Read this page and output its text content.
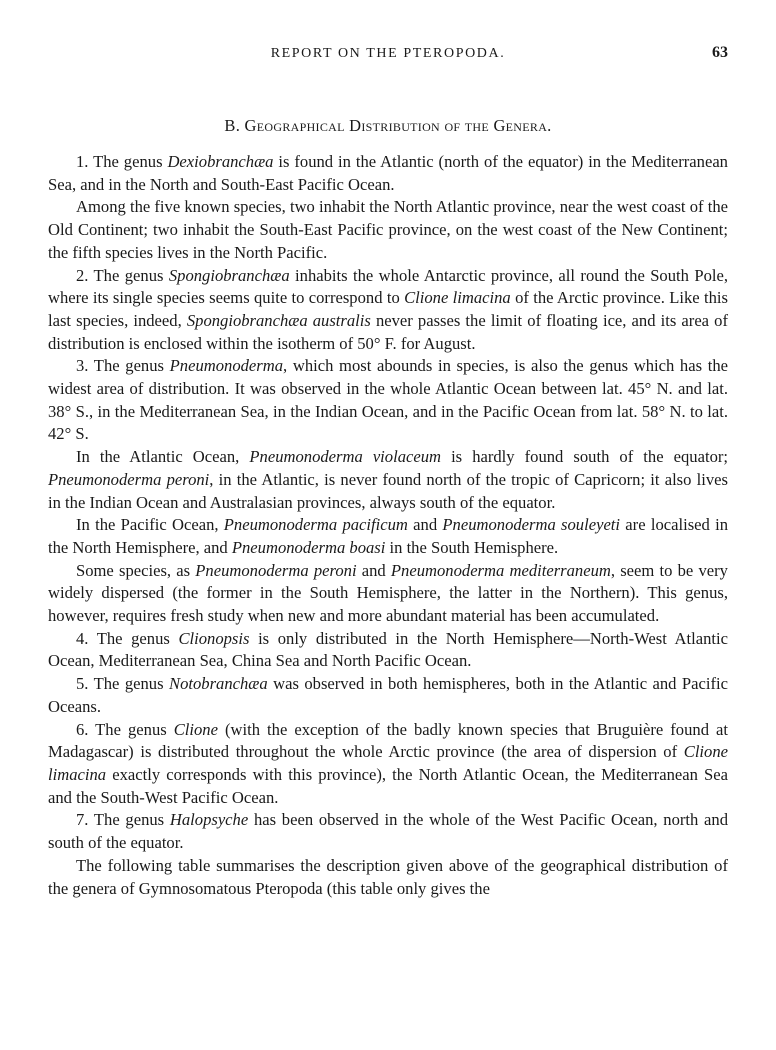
REPORT ON THE PTEROPODA.	63
B. Geographical Distribution of the Genera.

1. The genus Dexiobranchæa is found in the Atlantic (north of the equator) in the Mediterranean Sea, and in the North and South-East Pacific Ocean.

Among the five known species, two inhabit the North Atlantic province, near the west coast of the Old Continent; two inhabit the South-East Pacific province, on the west coast of the New Continent; the fifth species lives in the North Pacific.

2. The genus Spongiobranchæa inhabits the whole Antarctic province, all round the South Pole, where its single species seems quite to correspond to Clione limacina of the Arctic province. Like this last species, indeed, Spongiobranchæa australis never passes the limit of floating ice, and its area of distribution is enclosed within the isotherm of 50° F. for August.

3. The genus Pneumonoderma, which most abounds in species, is also the genus which has the widest area of distribution. It was observed in the whole Atlantic Ocean between lat. 45° N. and lat. 38° S., in the Mediterranean Sea, in the Indian Ocean, and in the Pacific Ocean from lat. 58° N. to lat. 42° S.

In the Atlantic Ocean, Pneumonoderma violaceum is hardly found south of the equator; Pneumonoderma peroni, in the Atlantic, is never found north of the tropic of Capricorn; it also lives in the Indian Ocean and Australasian provinces, always south of the equator.

In the Pacific Ocean, Pneumonoderma pacificum and Pneumonoderma souleyeti are localised in the North Hemisphere, and Pneumonoderma boasi in the South Hemisphere.

Some species, as Pneumonoderma peroni and Pneumonoderma mediterraneum, seem to be very widely dispersed (the former in the South Hemisphere, the latter in the Northern). This genus, however, requires fresh study when new and more abundant material has been accumulated.

4. The genus Clionopsis is only distributed in the North Hemisphere—North-West Atlantic Ocean, Mediterranean Sea, China Sea and North Pacific Ocean.

5. The genus Notobranchæa was observed in both hemispheres, both in the Atlantic and Pacific Oceans.

6. The genus Clione (with the exception of the badly known species that Bruguière found at Madagascar) is distributed throughout the whole Arctic province (the area of dispersion of Clione limacina exactly corresponds with this province), the North Atlantic Ocean, the Mediterranean Sea and the South-West Pacific Ocean.

7. The genus Halopsyche has been observed in the whole of the West Pacific Ocean, north and south of the equator.

The following table summarises the description given above of the geographical distribution of the genera of Gymnosomatous Pteropoda (this table only gives the
